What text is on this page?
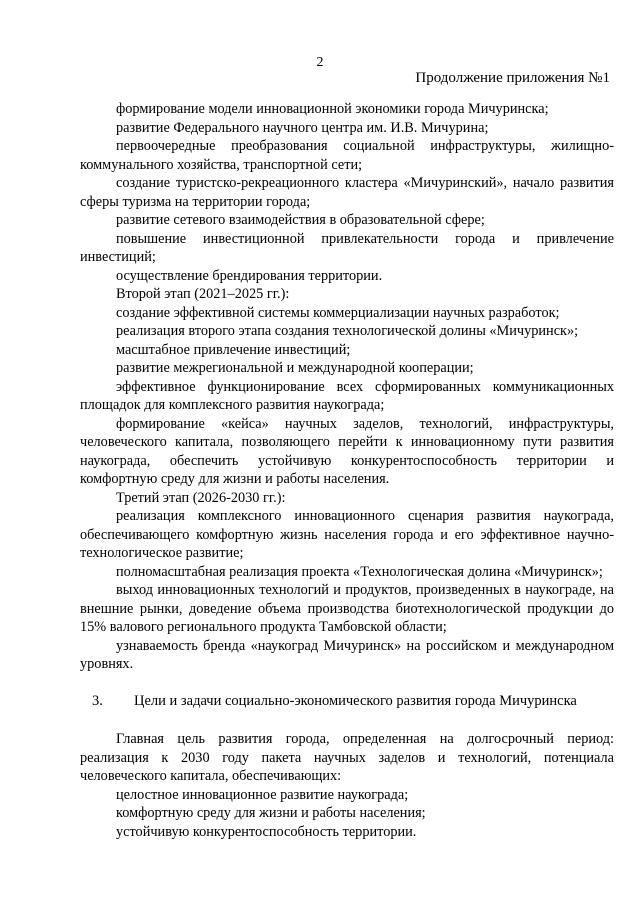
2
Продолжение приложения №1

формирование модели инновационной экономики города Мичуринска;

развитие Федерального научного центра им. И.В. Мичурина;

первоочередные преобразования социальной инфраструктуры, жилищно-коммунального хозяйства, транспортной сети;

создание туристско-рекреационного кластера «Мичуринский», начало развития сферы туризма на территории города;

развитие сетевого взаимодействия в образовательной сфере;

повышение инвестиционной привлекательности города и привлечение инвестиций;

осуществление брендирования территории.

Второй этап (2021–2025 гг.):

создание эффективной системы коммерциализации научных разработок;

реализация второго этапа создания технологической долины «Мичуринск»;

масштабное привлечение инвестиций;

развитие межрегиональной и международной кооперации;

эффективное функционирование всех сформированных коммуникационных площадок для комплексного развития наукограда;

формирование «кейса» научных заделов, технологий, инфраструктуры, человеческого капитала, позволяющего перейти к инновационному пути развития наукограда, обеспечить устойчивую конкурентоспособность территории и комфортную среду для жизни и работы населения.

Третий этап (2026-2030 гг.):

реализация комплексного инновационного сценария развития наукограда, обеспечивающего комфортную жизнь населения города и его эффективное научно-технологическое развитие;

полномасштабная реализация проекта «Технологическая долина «Мичуринск»;

выход инновационных технологий и продуктов, произведенных в наукограде, на внешние рынки, доведение объема производства биотехнологической продукции до 15% валового регионального продукта Тамбовской области;

узнаваемость бренда «наукоград Мичуринск» на российском и международном уровнях.

3.	Цели и задачи социально-экономического развития города Мичуринска

Главная цель развития города, определенная на долгосрочный период: реализация к 2030 году пакета научных заделов и технологий, потенциала человеческого капитала, обеспечивающих:

целостное инновационное развитие наукограда;

комфортную среду для жизни и работы населения;

устойчивую конкурентоспособность территории.
